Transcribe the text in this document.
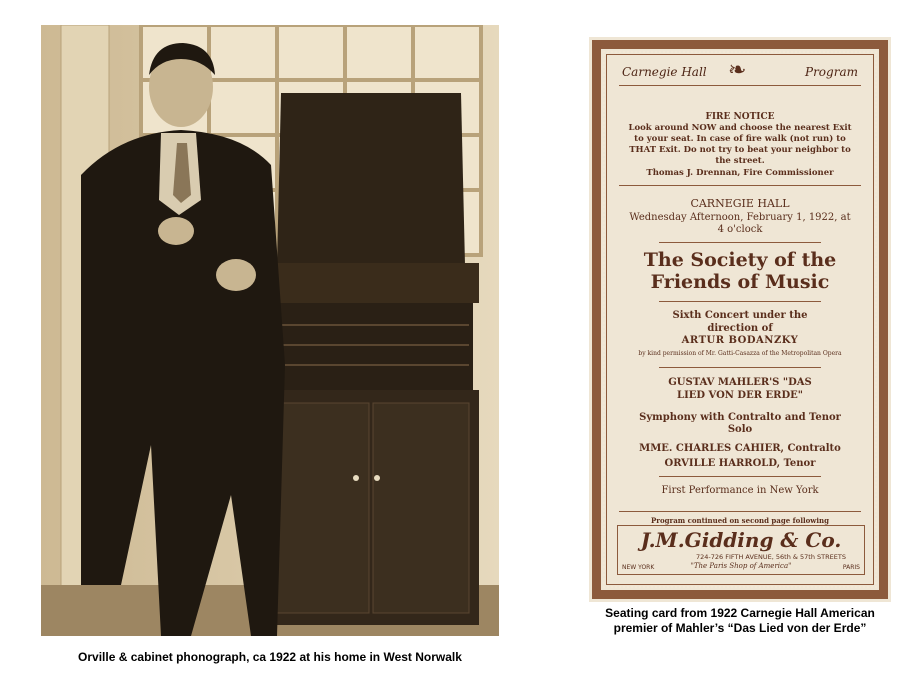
Orville & cabinet phonograph, ca 1922 at his home in West Norwalk
Carnegie Hall ❧	Program
FIRE NOTICE
Look around NOW and choose the nearest Exit to your seat. In case of fire walk (not run) to THAT Exit. Do not try to beat your neighbor to the street.
Thomas J. Drennan, Fire Commissioner
CARNEGIE HALL
Wednesday Afternoon, February 1, 1922, at 4 o'clock
The Society of the Friends of Music
Sixth Concert under the direction of
ARTUR BODANZKY
by kind permission of Mr. Gatti-Casazza of the Metropolitan Opera
GUSTAV MAHLER'S "DAS LIED VON DER ERDE"
Symphony with Contralto and Tenor Solo
MME. CHARLES CAHIER, Contralto
ORVILLE HARROLD, Tenor
First Performance in New York
Program continued on second page following
J.M.Gidding & Co.
724-726 FIFTH AVENUE, 56th & 57th STREETS
NEW YORK	"The Paris Shop of America"	PARIS
Seating card from 1922 Carnegie Hall American premier of Mahler’s “Das Lied von der Erde”
